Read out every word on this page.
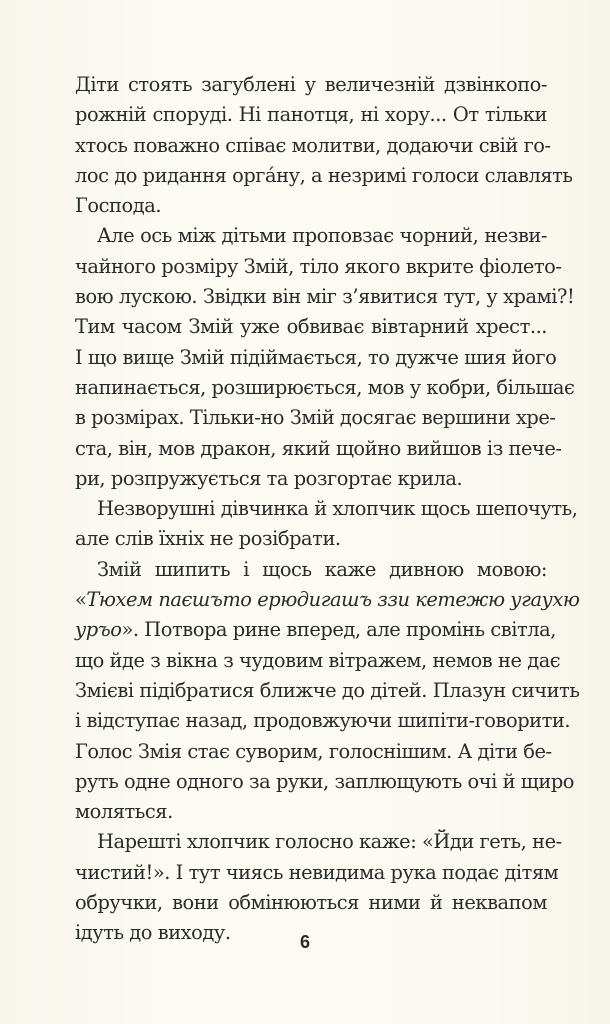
Діти стоять загублені у величезній дзвінкопо-
рожній споруді. Ні панотця, ні хору... От тільки
хтось поважно співає молитви, додаючи свій го-
лос до ридання орга́ну, а незримі голоси славлять
Господа.
Але ось між дітьми проповзає чорний, незви-
чайного розміру Змій, тіло якого вкрите фіолето-
вою лускою. Звідки він міг з’явитися тут, у храмі?!
Тим часом Змій уже обвиває вівтарний хрест...
І що вище Змій підіймається, то дужче шия його
напинається, розширюється, мов у кобри, більшає
в розмірах. Тільки-но Змій досягає вершини хре-
ста, він, мов дракон, який щойно вийшов із пече-
ри, розпружується та розгортає крила.
Незворушні дівчинка й хлопчик щось шепочуть,
але слів їхніх не розібрати.
Змій шипить і щось каже дивною мовою:
«Тюхем паєшъто ерюдигашъ ззи кетежю угаухю
уръо». Потвора рине вперед, але промінь світла,
що йде з вікна з чудовим вітражем, немов не дає
Змієві підібратися ближче до дітей. Плазун сичить
і відступає назад, продовжуючи шипіти-говорити.
Голос Змія стає суворим, голоснішим. А діти бе-
руть одне одного за руки, заплющують очі й щиро
моляться.
Нарешті хлопчик голосно каже: «Йди геть, не-
чистий!». І тут чиясь невидима рука подає дітям
обручки, вони обмінюються ними й неквапом
ідуть до виходу.	6
